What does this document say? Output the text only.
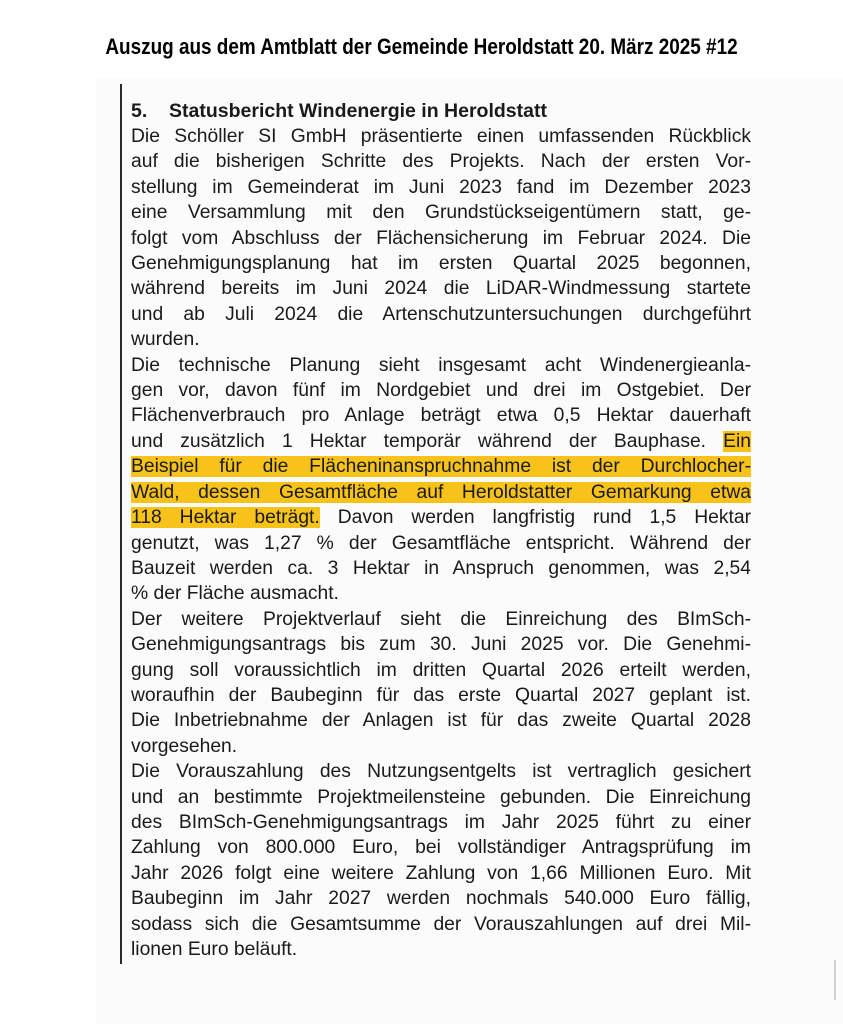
Auszug aus dem Amtblatt der Gemeinde Heroldstatt 20. März 2025 #12
5. Statusbericht Windenergie in Heroldstatt
Die Schöller SI GmbH präsentierte einen umfassenden Rückblick
auf die bisherigen Schritte des Projekts. Nach der ersten Vor-
stellung im Gemeinderat im Juni 2023 fand im Dezember 2023
eine Versammlung mit den Grundstückseigentümern statt, ge-
folgt vom Abschluss der Flächensicherung im Februar 2024. Die
Genehmigungsplanung hat im ersten Quartal 2025 begonnen,
während bereits im Juni 2024 die LiDAR-Windmessung startete
und ab Juli 2024 die Artenschutzuntersuchungen durchgeführt
wurden.
Die technische Planung sieht insgesamt acht Windenergieanla-
gen vor, davon fünf im Nordgebiet und drei im Ostgebiet. Der
Flächenverbrauch pro Anlage beträgt etwa 0,5 Hektar dauerhaft
und zusätzlich 1 Hektar temporär während der Bauphase. Ein
Beispiel für die Flächeninanspruchnahme ist der Durchlocher-
Wald, dessen Gesamtfläche auf Heroldstatter Gemarkung etwa
118 Hektar beträgt. Davon werden langfristig rund 1,5 Hektar
genutzt, was 1,27 % der Gesamtfläche entspricht. Während der
Bauzeit werden ca. 3 Hektar in Anspruch genommen, was 2,54
% der Fläche ausmacht.
Der weitere Projektverlauf sieht die Einreichung des BImSch-
Genehmigungsantrags bis zum 30. Juni 2025 vor. Die Genehmi-
gung soll voraussichtlich im dritten Quartal 2026 erteilt werden,
woraufhin der Baubeginn für das erste Quartal 2027 geplant ist.
Die Inbetriebnahme der Anlagen ist für das zweite Quartal 2028
vorgesehen.
Die Vorauszahlung des Nutzungsentgelts ist vertraglich gesichert
und an bestimmte Projektmeilensteine gebunden. Die Einreichung
des BImSch-Genehmigungsantrags im Jahr 2025 führt zu einer
Zahlung von 800.000 Euro, bei vollständiger Antragsprüfung im
Jahr 2026 folgt eine weitere Zahlung von 1,66 Millionen Euro. Mit
Baubeginn im Jahr 2027 werden nochmals 540.000 Euro fällig,
sodass sich die Gesamtsumme der Vorauszahlungen auf drei Mil-
lionen Euro beläuft.
